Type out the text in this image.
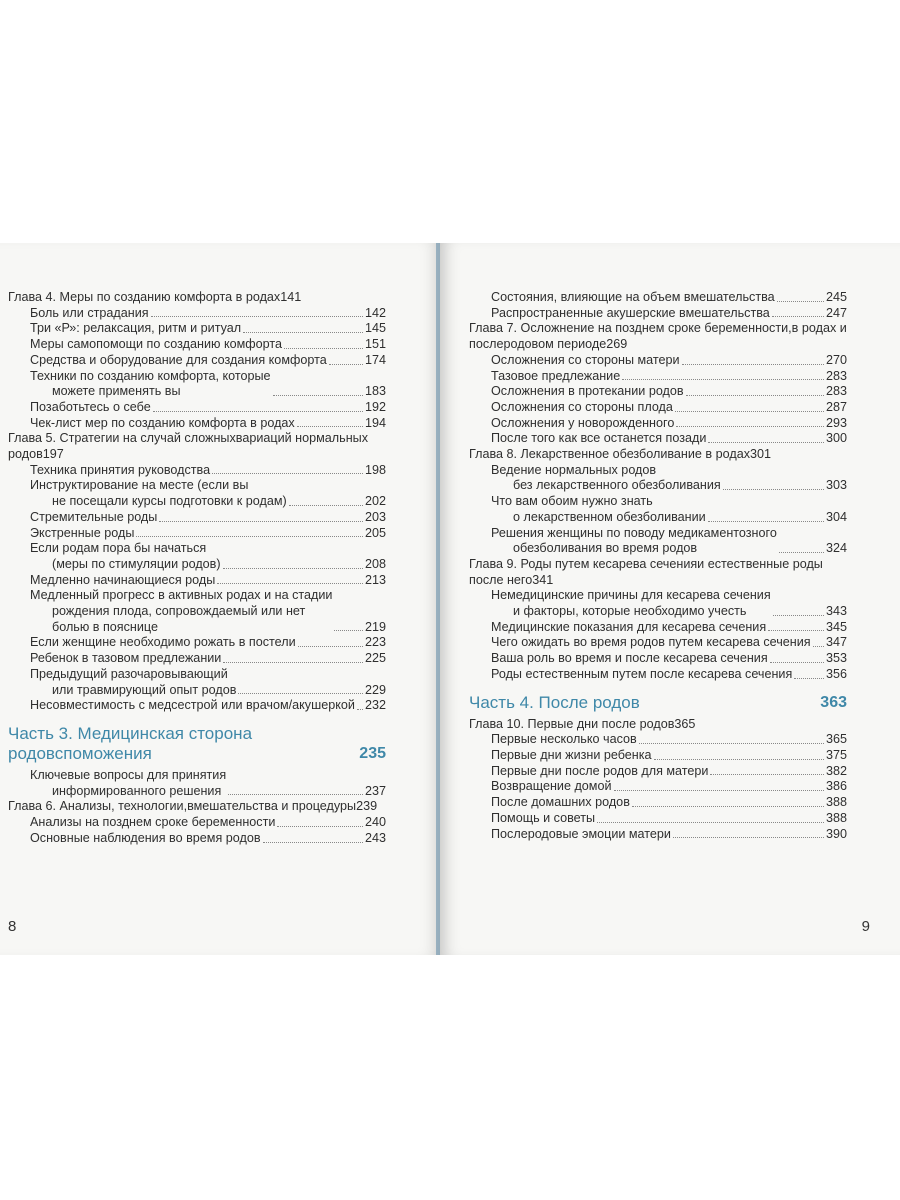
Глава 4. Меры по созданию комфорта в родах141
Боль или страдания	142
Три «Р»: релаксация, ритм и ритуал	145
Меры самопомощи по созданию комфорта	151
Средства и оборудование для создания комфорта	174
Техники по созданию комфорта, которые
можете применять вы	183
Позаботьтесь о себе	192
Чек-лист мер по созданию комфорта в родах	194
Глава 5. Стратегии на случай сложныхвариаций нормальных родов197
Техника принятия руководства	198
Инструктирование на месте (если вы
не посещали курсы подготовки к родам)	202
Стремительные роды	203
Экстренные роды	205
Если родам пора бы начаться
(меры по стимуляции родов)	208
Медленно начинающиеся роды	213
Медленный прогресс в активных родах и на стадии
рождения плода, сопровождаемый или нет
болью в пояснице	219
Если женщине необходимо рожать в постели	223
Ребенок в тазовом предлежании	225
Предыдущий разочаровывающий
или травмирующий опыт родов	229
Несовместимость с медсестрой или врачом/акушеркой 232
Часть 3. Медицинская сторона
родовспоможения	235
Ключевые вопросы для принятия
информированного решения	237
Глава 6. Анализы, технологии,вмешательства и процедуры239
Анализы на позднем сроке беременности	240
Основные наблюдения во время родов	243
8
Состояния, влияющие на объем вмешательства	245
Распространенные акушерские вмешательства	247
Глава 7. Осложнение на позднем сроке беременности,в родах и послеродовом периоде269
Осложнения со стороны матери	270
Тазовое предлежание	283
Осложнения в протекании родов	283
Осложнения со стороны плода	287
Осложнения у новорожденного	293
После того как все останется позади	300
Глава 8. Лекарственное обезболивание в родах301
Ведение нормальных родов
без лекарственного обезболивания	303
Что вам обоим нужно знать
о лекарственном обезболивании	304
Решения женщины по поводу медикаментозного
обезболивания во время родов	324
Глава 9. Роды путем кесарева сеченияи естественные роды после него341
Немедицинские причины для кесарева сечения
и факторы, которые необходимо учесть	343
Медицинские показания для кесарева сечения	345
Чего ожидать во время родов путем кесарева сечения 347
Ваша роль во время и после кесарева сечения	353
Роды естественным путем после кесарева сечения	356
Часть 4. После родов	363
Глава 10. Первые дни после родов365
Первые несколько часов	365
Первые дни жизни ребенка	375
Первые дни после родов для матери	382
Возвращение домой	386
После домашних родов	388
Помощь и советы	388
Послеродовые эмоции матери	390
9
